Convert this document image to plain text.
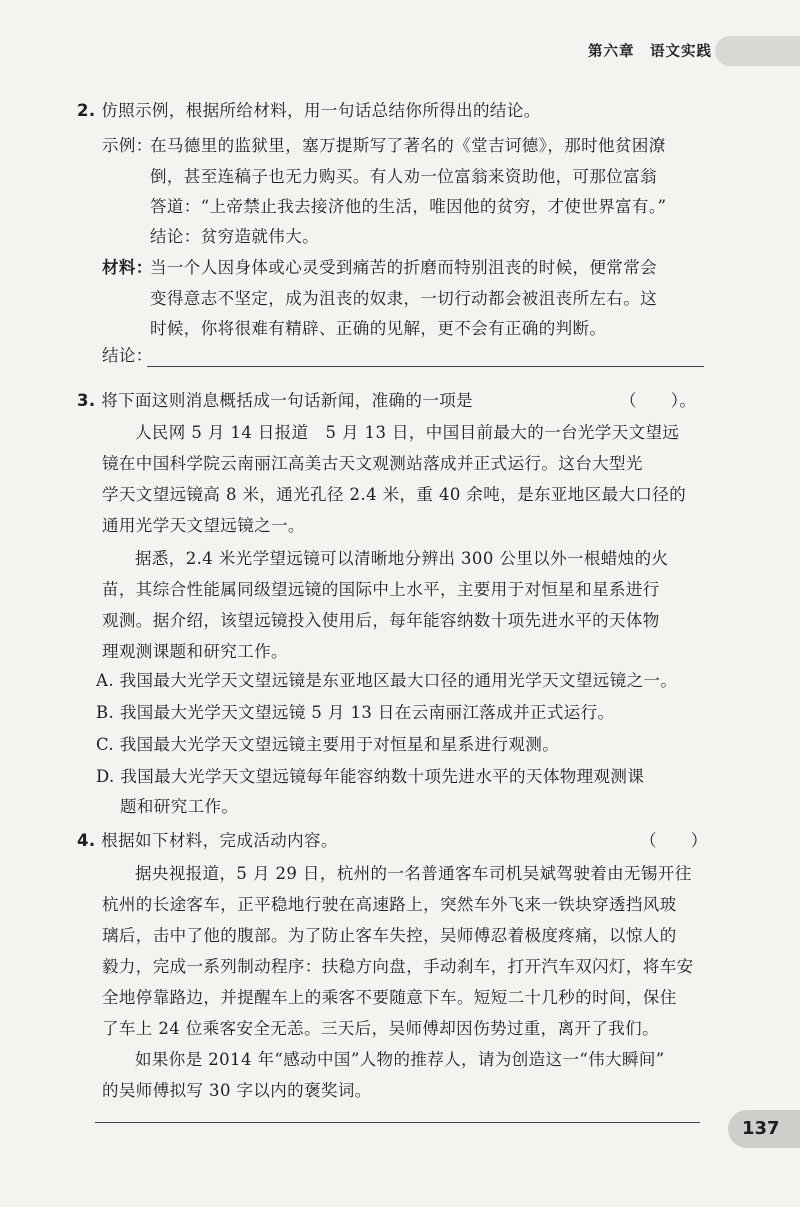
第六章　语文实践
2. 仿照示例，根据所给材料，用一句话总结你所得出的结论。
示例：
在马德里的监狱里，塞万提斯写了著名的《堂吉诃德》，那时他贫困潦
倒，甚至连稿子也无力购买。有人劝一位富翁来资助他，可那位富翁
答道：“上帝禁止我去接济他的生活，唯因他的贫穷，才使世界富有。”
结论：贫穷造就伟大。
材料：
当一个人因身体或心灵受到痛苦的折磨而特别沮丧的时候，便常常会
变得意志不坚定，成为沮丧的奴隶，一切行动都会被沮丧所左右。这
时候，你将很难有精辟、正确的见解，更不会有正确的判断。
结论：
3. 将下面这则消息概括成一句话新闻，准确的一项是	（　　）。
人民网 5 月 14 日报道　5 月 13 日，中国目前最大的一台光学天文望远
镜在中国科学院云南丽江高美古天文观测站落成并正式运行。这台大型光
学天文望远镜高 8 米，通光孔径 2.4 米，重 40 余吨，是东亚地区最大口径的
通用光学天文望远镜之一。
据悉，2.4 米光学望远镜可以清晰地分辨出 300 公里以外一根蜡烛的火
苗，其综合性能属同级望远镜的国际中上水平，主要用于对恒星和星系进行
观测。据介绍，该望远镜投入使用后，每年能容纳数十项先进水平的天体物
理观测课题和研究工作。
A. 我国最大光学天文望远镜是东亚地区最大口径的通用光学天文望远镜之一。
B. 我国最大光学天文望远镜 5 月 13 日在云南丽江落成并正式运行。
C. 我国最大光学天文望远镜主要用于对恒星和星系进行观测。
D. 我国最大光学天文望远镜每年能容纳数十项先进水平的天体物理观测课
题和研究工作。
4. 根据如下材料，完成活动内容。	（　　）
据央视报道，5 月 29 日，杭州的一名普通客车司机吴斌驾驶着由无锡开往
杭州的长途客车，正平稳地行驶在高速路上，突然车外飞来一铁块穿透挡风玻
璃后，击中了他的腹部。为了防止客车失控，吴师傅忍着极度疼痛，以惊人的
毅力，完成一系列制动程序：扶稳方向盘，手动刹车，打开汽车双闪灯，将车安
全地停靠路边，并提醒车上的乘客不要随意下车。短短二十几秒的时间，保住
了车上 24 位乘客安全无恙。三天后，吴师傅却因伤势过重，离开了我们。
如果你是 2014 年“感动中国”人物的推荐人，请为创造这一“伟大瞬间”
的吴师傅拟写 30 字以内的褒奖词。
137
